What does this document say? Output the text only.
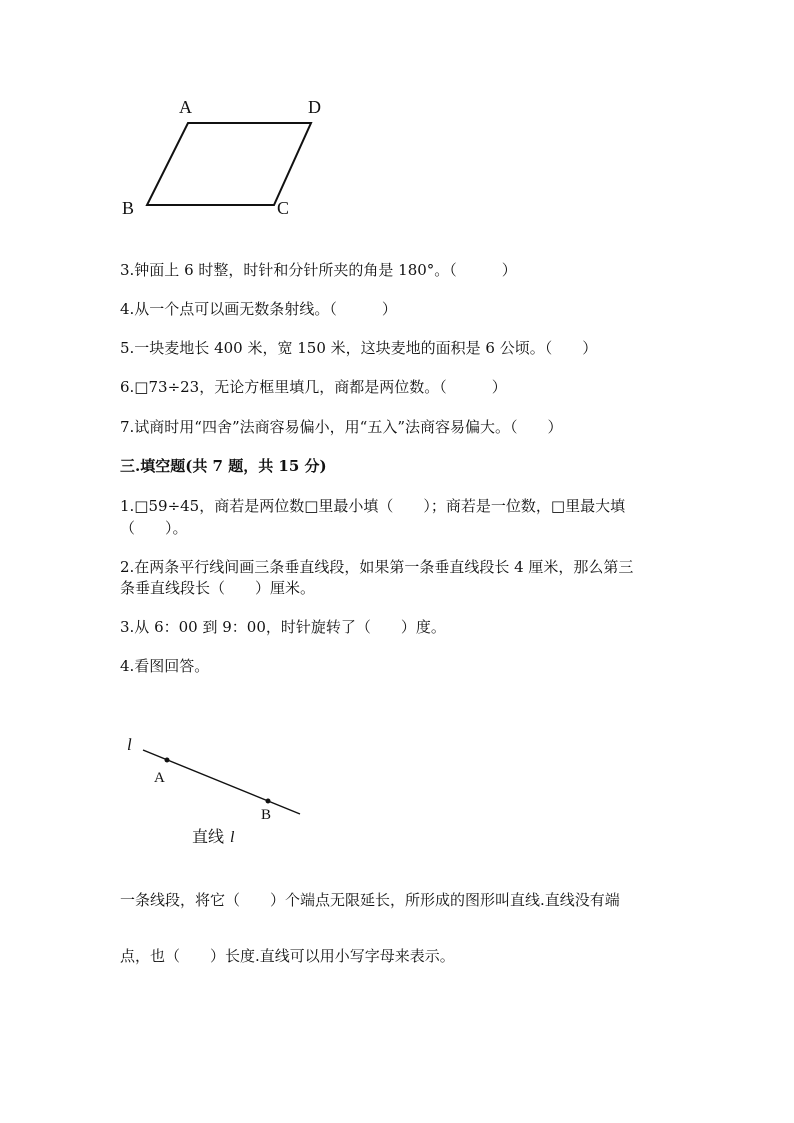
A	D
B	C
3.钟面上 6 时整，时针和分针所夹的角是 180°。（　　　）
4.从一个点可以画无数条射线。（　　　）
5.一块麦地长 400 米，宽 150 米，这块麦地的面积是 6 公顷。（　　）
6.□73÷23，无论方框里填几，商都是两位数。（　　　）
7.试商时用“四舍”法商容易偏小，用“五入”法商容易偏大。（　　）
三.填空题(共 7 题，共 15 分)
1.□59÷45，商若是两位数□里最小填（　　）；商若是一位数，□里最大填
（　　）。
2.在两条平行线间画三条垂直线段，如果第一条垂直线段长 4 厘米，那么第三
条垂直线段长（　　）厘米。
3.从 6：00 到 9：00，时针旋转了（　　）度。
4.看图回答。
l
A
B
直线 l
一条线段，将它（　　）个端点无限延长，所形成的图形叫直线.直线没有端
点，也（　　）长度.直线可以用小写字母来表示。
